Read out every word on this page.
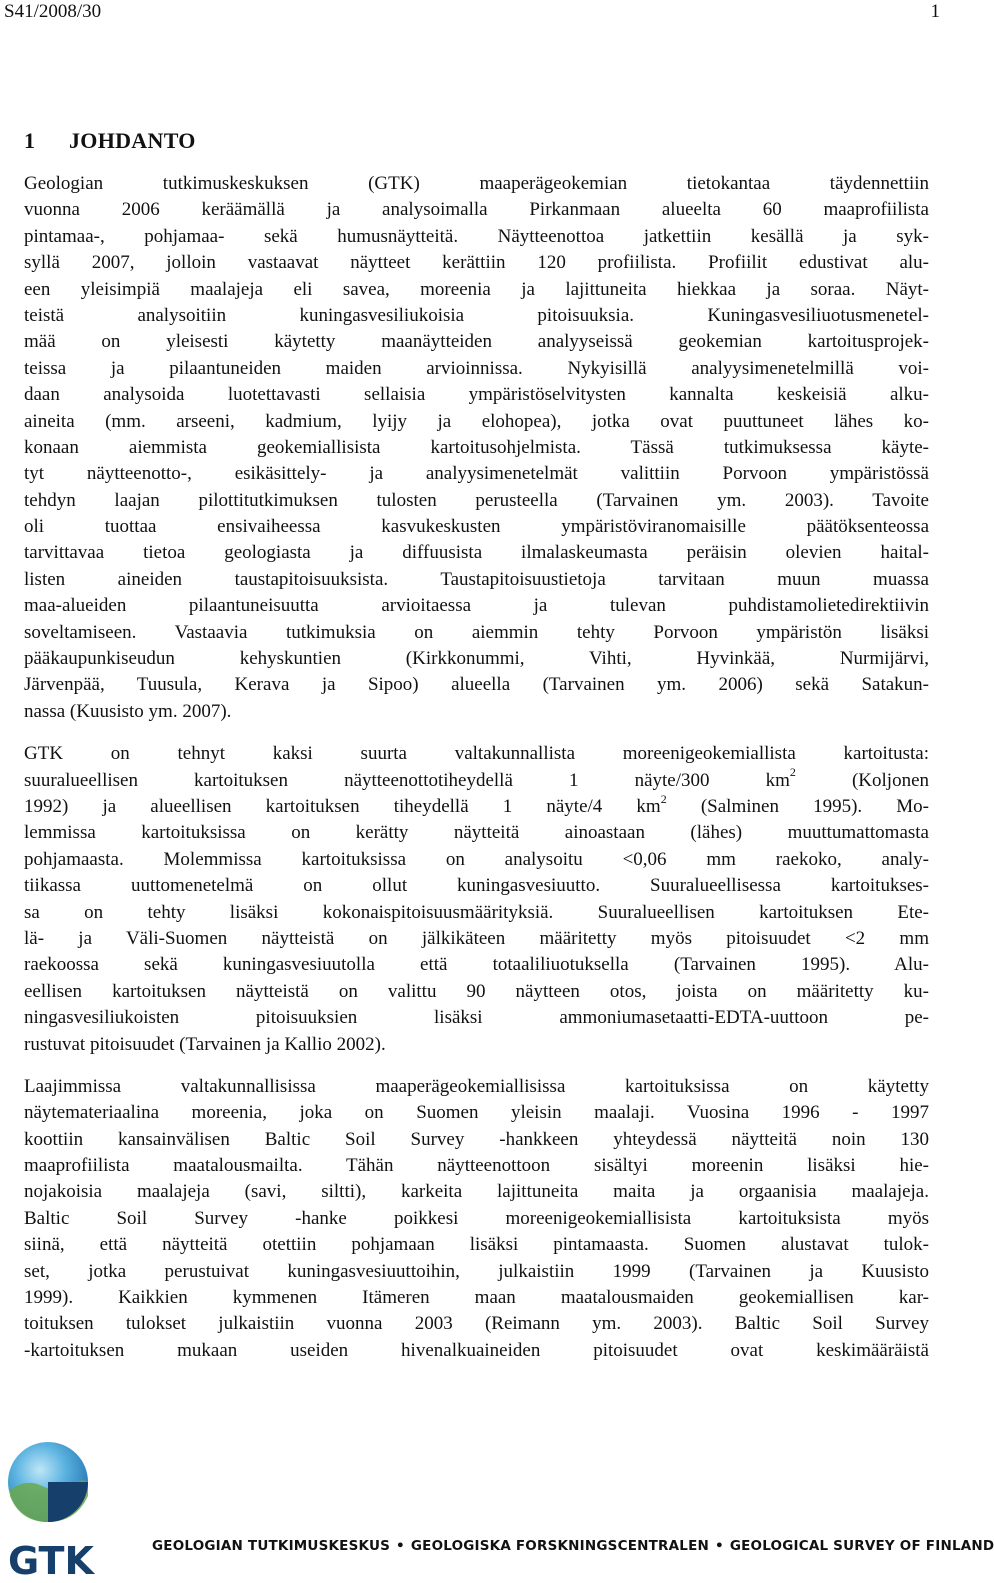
S41/2008/30	1
1 JOHDANTO
Geologian tutkimuskeskuksen (GTK) maaperägeokemian tietokantaa täydennettiin
vuonna 2006 keräämällä ja analysoimalla Pirkanmaan alueelta 60 maaprofiilista
pintamaa-, pohjamaa- sekä humusnäytteitä. Näytteenottoa jatkettiin kesällä ja syk-
syllä 2007, jolloin vastaavat näytteet kerättiin 120 profiilista. Profiilit edustivat alu-
een yleisimpiä maalajeja eli savea, moreenia ja lajittuneita hiekkaa ja soraa. Näyt-
teistä analysoitiin kuningasvesiliukoisia pitoisuuksia. Kuningasvesiliuotusmenetel-
mää on yleisesti käytetty maanäytteiden analyyseissä geokemian kartoitusprojek-
teissa ja pilaantuneiden maiden arvioinnissa. Nykyisillä analyysimenetelmillä voi-
daan analysoida luotettavasti sellaisia ympäristöselvitysten kannalta keskeisiä alku-
aineita (mm. arseeni, kadmium, lyijy ja elohopea), jotka ovat puuttuneet lähes ko-
konaan aiemmista geokemiallisista kartoitusohjelmista. Tässä tutkimuksessa käyte-
tyt näytteenotto-, esikäsittely- ja analyysimenetelmät valittiin Porvoon ympäristössä
tehdyn laajan pilottitutkimuksen tulosten perusteella (Tarvainen ym. 2003). Tavoite
oli tuottaa ensivaiheessa kasvukeskusten ympäristöviranomaisille päätöksenteossa
tarvittavaa tietoa geologiasta ja diffuusista ilmalaskeumasta peräisin olevien haital-
listen aineiden taustapitoisuuksista. Taustapitoisuustietoja tarvitaan muun muassa
maa-alueiden pilaantuneisuutta arvioitaessa ja tulevan puhdistamolietedirektiivin
soveltamiseen. Vastaavia tutkimuksia on aiemmin tehty Porvoon ympäristön lisäksi
pääkaupunkiseudun kehyskuntien (Kirkkonummi, Vihti, Hyvinkää, Nurmijärvi,
Järvenpää, Tuusula, Kerava ja Sipoo) alueella (Tarvainen ym. 2006) sekä Satakun-
nassa (Kuusisto ym. 2007).
GTK on tehnyt kaksi suurta valtakunnallista moreenigeokemiallista kartoitusta:
suuralueellisen kartoituksen näytteenottotiheydellä 1 näyte/300 $km^2$ (Koljonen
1992) ja alueellisen kartoituksen tiheydellä 1 näyte/4 $km^2$ (Salminen 1995). Mo-
lemmissa kartoituksissa on kerätty näytteitä ainoastaan (lähes) muuttumattomasta
pohjamaasta. Molemmissa kartoituksissa on analysoitu <0,06 mm raekoko, analy-
tiikassa uuttomenetelmä on ollut kuningasvesiuutto. Suuralueellisessa kartoitukses-
sa on tehty lisäksi kokonaispitoisuusmäärityksiä. Suuralueellisen kartoituksen Ete-
lä- ja Väli-Suomen näytteistä on jälkikäteen määritetty myös pitoisuudet <2 mm
raekoossa sekä kuningasvesiuutolla että totaaliliuotuksella (Tarvainen 1995). Alu-
eellisen kartoituksen näytteistä on valittu 90 näytteen otos, joista on määritetty ku-
ningasvesiliukoisten pitoisuuksien lisäksi ammoniumasetaatti-EDTA-uuttoon pe-
rustuvat pitoisuudet (Tarvainen ja Kallio 2002).
Laajimmissa valtakunnallisissa maaperägeokemiallisissa kartoituksissa on käytetty
näytemateriaalina moreenia, joka on Suomen yleisin maalaji. Vuosina 1996 - 1997
koottiin kansainvälisen Baltic Soil Survey -hankkeen yhteydessä näytteitä noin 130
maaprofiilista maatalousmailta. Tähän näytteenottoon sisältyi moreenin lisäksi hie-
nojakoisia maalajeja (savi, siltti), karkeita lajittuneita maita ja orgaanisia maalajeja.
Baltic Soil Survey -hanke poikkesi moreenigeokemiallisista kartoituksista myös
siinä, että näytteitä otettiin pohjamaan lisäksi pintamaasta. Suomen alustavat tulok-
set, jotka perustuivat kuningasvesiuuttoihin, julkaistiin 1999 (Tarvainen ja Kuusisto
1999). Kaikkien kymmenen Itämeren maan maatalousmaiden geokemiallisen kar-
toituksen tulokset julkaistiin vuonna 2003 (Reimann ym. 2003). Baltic Soil Survey
-kartoituksen mukaan useiden hivenalkuaineiden pitoisuudet ovat keskimääräistä
GTK	GEOLOGIAN TUTKIMUSKESKUS • GEOLOGISKA FORSKNINGSCENTRALEN • GEOLOGICAL SURVEY OF FINLAND
